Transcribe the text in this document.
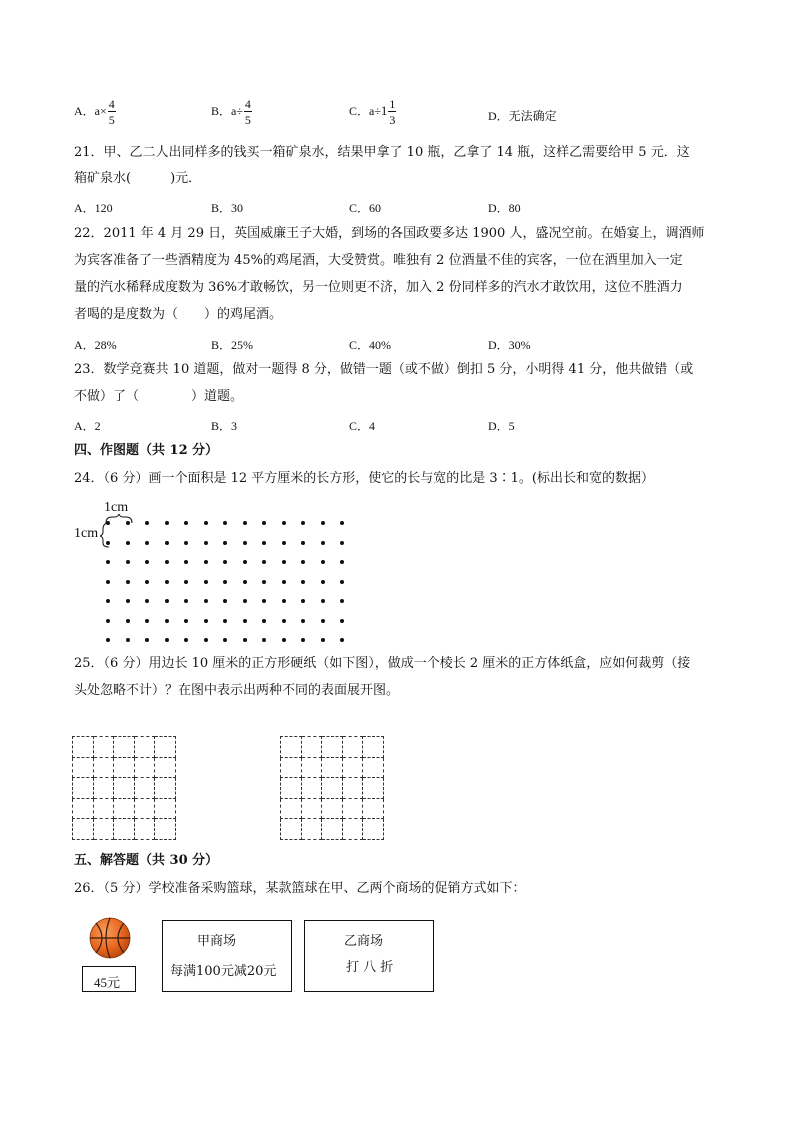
A．$a\times \frac{4}{5}$	B．$a\div \frac{4}{5}$	C．$a\div 1 \frac{1}{3}$	D．无法确定
21．甲、乙二人出同样多的钱买一箱矿泉水，结果甲拿了 10 瓶，乙拿了 14 瓶，这样乙需要给甲 5 元．这
箱矿泉水(　　　)元．
A．120	B．30	C．60	D．80
22．2011 年 4 月 29 日，英国威廉王子大婚，到场的各国政要多达 1900 人，盛况空前。在婚宴上，调酒师
为宾客准备了一些酒精度为 45%的鸡尾酒，大受赞赏。唯独有 2 位酒量不佳的宾客，一位在酒里加入一定
量的汽水稀释成度数为 36%才敢畅饮，另一位则更不济，加入 2 份同样多的汽水才敢饮用，这位不胜酒力
者喝的是度数为（　　）的鸡尾酒。
A．28%	B．25%	C．40%	D．30%
23．数学竞赛共 10 道题，做对一题得 8 分，做错一题（或不做）倒扣 5 分，小明得 41 分，他共做错（或
不做）了（　　　　）道题。
A．2	B．3	C．4	D．5
四、作图题（共 12 分）
24．（6 分）画一个面积是 12 平方厘米的长方形，使它的长与宽的比是 3∶1。(标出长和宽的数据）
1cm
1cm
25．（6 分）用边长 10 厘米的正方形硬纸（如下图），做成一个棱长 2 厘米的正方体纸盒，应如何裁剪（接
头处忽略不计）？在图中表示出两种不同的表面展开图。

五、解答题（共 30 分）
26．（5 分）学校准备采购篮球，某款篮球在甲、乙两个商场的促销方式如下：
45元
甲商场
每满100元减20元
乙商场
打 八 折
